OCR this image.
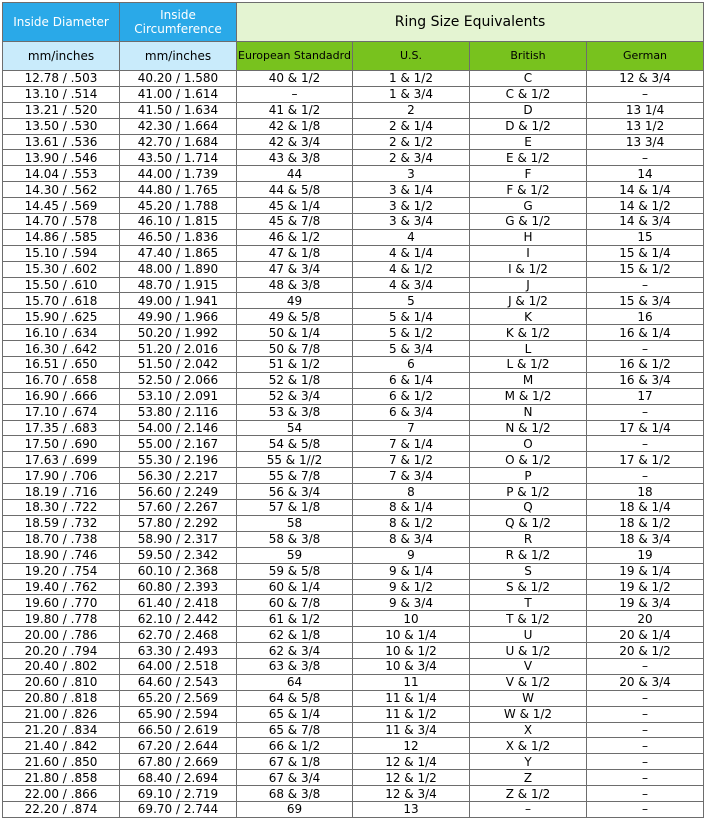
Inside Diameter	Inside Circumference	Ring Size Equivalents			
mm/inches	mm/inches	European Standadrd	U.S.	British	German
12.78 / .503	40.20 / 1.580	40 & 1/2	1 & 1/2	C	12 & 3/4
13.10 / .514	41.00 / 1.614	–	1 & 3/4	C & 1/2	–
13.21 / .520	41.50 / 1.634	41 & 1/2	2	D	13 1/4
13.50 / .530	42.30 / 1.664	42 & 1/8	2 & 1/4	D & 1/2	13 1/2
13.61 / .536	42.70 / 1.684	42 & 3/4	2 & 1/2	E	13 3/4
13.90 / .546	43.50 / 1.714	43 & 3/8	2 & 3/4	E & 1/2	–
14.04 / .553	44.00 / 1.739	44	3	F	14
14.30 / .562	44.80 / 1.765	44 & 5/8	3 & 1/4	F & 1/2	14 & 1/4
14.45 / .569	45.20 / 1.788	45 & 1/4	3 & 1/2	G	14 & 1/2
14.70 / .578	46.10 / 1.815	45 & 7/8	3 & 3/4	G & 1/2	14 & 3/4
14.86 / .585	46.50 / 1.836	46 & 1/2	4	H	15
15.10 / .594	47.40 / 1.865	47 & 1/8	4 & 1/4	I	15 & 1/4
15.30 / .602	48.00 / 1.890	47 & 3/4	4 & 1/2	I & 1/2	15 & 1/2
15.50 / .610	48.70 / 1.915	48 & 3/8	4 & 3/4	J	–
15.70 / .618	49.00 / 1.941	49	5	J & 1/2	15 & 3/4
15.90 / .625	49.90 / 1.966	49 & 5/8	5 & 1/4	K	16
16.10 / .634	50.20 / 1.992	50 & 1/4	5 & 1/2	K & 1/2	16 & 1/4
16.30 / .642	51.20 / 2.016	50 & 7/8	5 & 3/4	L	–
16.51 / .650	51.50 / 2.042	51 & 1/2	6	L & 1/2	16 & 1/2
16.70 / .658	52.50 / 2.066	52 & 1/8	6 & 1/4	M	16 & 3/4
16.90 / .666	53.10 / 2.091	52 & 3/4	6 & 1/2	M & 1/2	17
17.10 / .674	53.80 / 2.116	53 & 3/8	6 & 3/4	N	–
17.35 / .683	54.00 / 2.146	54	7	N & 1/2	17 & 1/4
17.50 / .690	55.00 / 2.167	54 & 5/8	7 & 1/4	O	–
17.63 / .699	55.30 / 2.196	55 & 1//2	7 & 1/2	O & 1/2	17 & 1/2
17.90 / .706	56.30 / 2.217	55 & 7/8	7 & 3/4	P	–
18.19 / .716	56.60 / 2.249	56 & 3/4	8	P & 1/2	18
18.30 / .722	57.60 / 2.267	57 & 1/8	8 & 1/4	Q	18 & 1/4
18.59 / .732	57.80 / 2.292	58	8 & 1/2	Q & 1/2	18 & 1/2
18.70 / .738	58.90 / 2.317	58 & 3/8	8 & 3/4	R	18 & 3/4
18.90 / .746	59.50 / 2.342	59	9	R & 1/2	19
19.20 / .754	60.10 / 2.368	59 & 5/8	9 & 1/4	S	19 & 1/4
19.40 / .762	60.80 / 2.393	60 & 1/4	9 & 1/2	S & 1/2	19 & 1/2
19.60 / .770	61.40 / 2.418	60 & 7/8	9 & 3/4	T	19 & 3/4
19.80 / .778	62.10 / 2.442	61 & 1/2	10	T & 1/2	20
20.00 / .786	62.70 / 2.468	62 & 1/8	10 & 1/4	U	20 & 1/4
20.20 / .794	63.30 / 2.493	62 & 3/4	10 & 1/2	U & 1/2	20 & 1/2
20.40 / .802	64.00 / 2.518	63 & 3/8	10 & 3/4	V	–
20.60 / .810	64.60 / 2.543	64	11	V & 1/2	20 & 3/4
20.80 / .818	65.20 / 2.569	64 & 5/8	11 & 1/4	W	–
21.00 / .826	65.90 / 2.594	65 & 1/4	11 & 1/2	W & 1/2	–
21.20 / .834	66.50 / 2.619	65 & 7/8	11 & 3/4	X	–
21.40 / .842	67.20 / 2.644	66 & 1/2	12	X & 1/2	–
21.60 / .850	67.80 / 2.669	67 & 1/8	12 & 1/4	Y	–
21.80 / .858	68.40 / 2.694	67 & 3/4	12 & 1/2	Z	–
22.00 / .866	69.10 / 2.719	68 & 3/8	12 & 3/4	Z & 1/2	–
22.20 / .874	69.70 / 2.744	69	13	–	–
